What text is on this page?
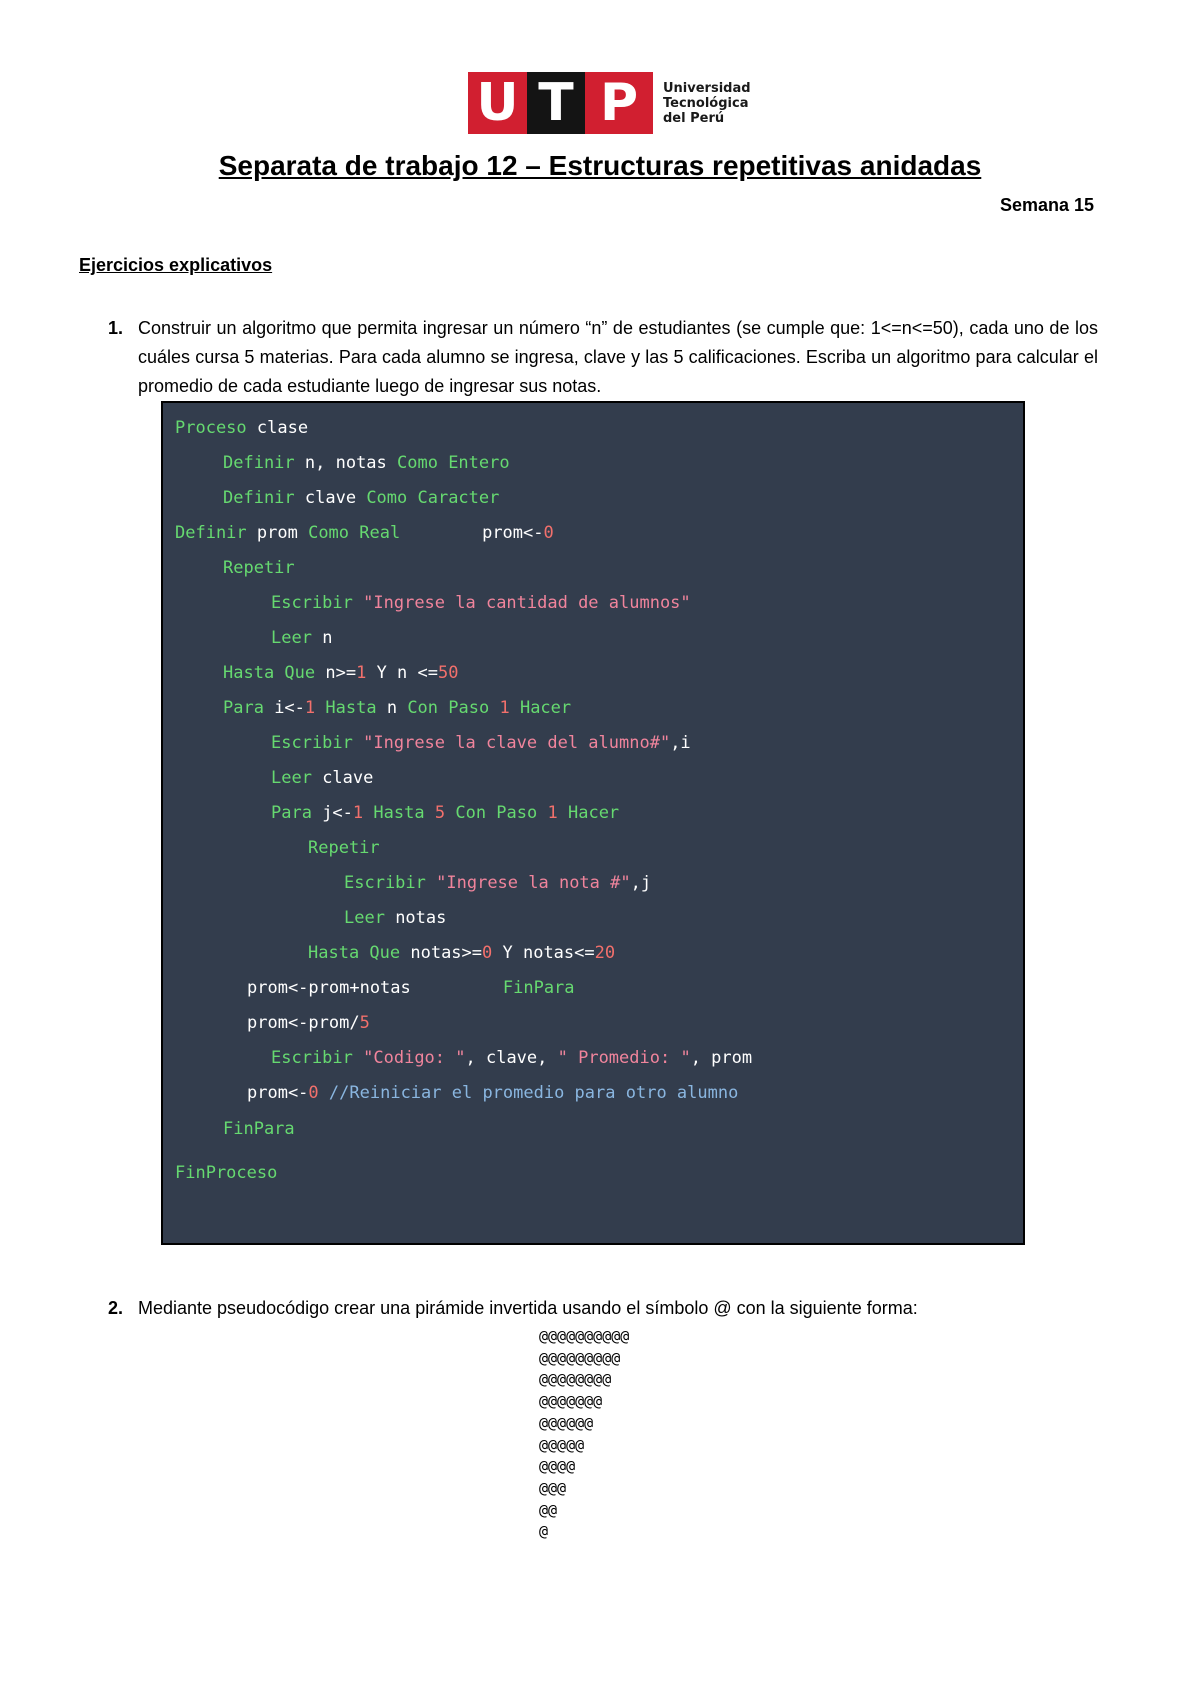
U T P	Universidad
Tecnológica
del Perú
Separata de trabajo 12 – Estructuras repetitivas anidadas
Semana 15
Ejercicios explicativos
1. Construir un algoritmo que permita ingresar un número “n” de estudiantes (se cumple que: 1<=n<=50), cada uno de los cuáles cursa 5 materias. Para cada alumno se ingresa, clave y las 5 calificaciones. Escriba un algoritmo para calcular el promedio de cada estudiante luego de ingresar sus notas.
Proceso clase
Definir n, notas Como Entero
Definir clave Como Caracter
Definir prom Como Real        prom<-0
Repetir
Escribir "Ingrese la cantidad de alumnos"
Leer n
Hasta Que n>=1 Y n <=50
Para i<-1 Hasta n Con Paso 1 Hacer
Escribir "Ingrese la clave del alumno#",i
Leer clave
Para j<-1 Hasta 5 Con Paso 1 Hacer
Repetir
Escribir "Ingrese la nota #",j
Leer notas
Hasta Que notas>=0 Y notas<=20
prom<-prom+notas         FinPara
prom<-prom/5
Escribir "Codigo: ", clave, " Promedio: ", prom
prom<-0 //Reiniciar el promedio para otro alumno
FinPara
FinProceso
2. Mediante pseudocódigo crear una pirámide invertida usando el símbolo @ con la siguiente forma:
@@@@@@@@@@
@@@@@@@@@
@@@@@@@@
@@@@@@@
@@@@@@
@@@@@
@@@@
@@@
@@
@
